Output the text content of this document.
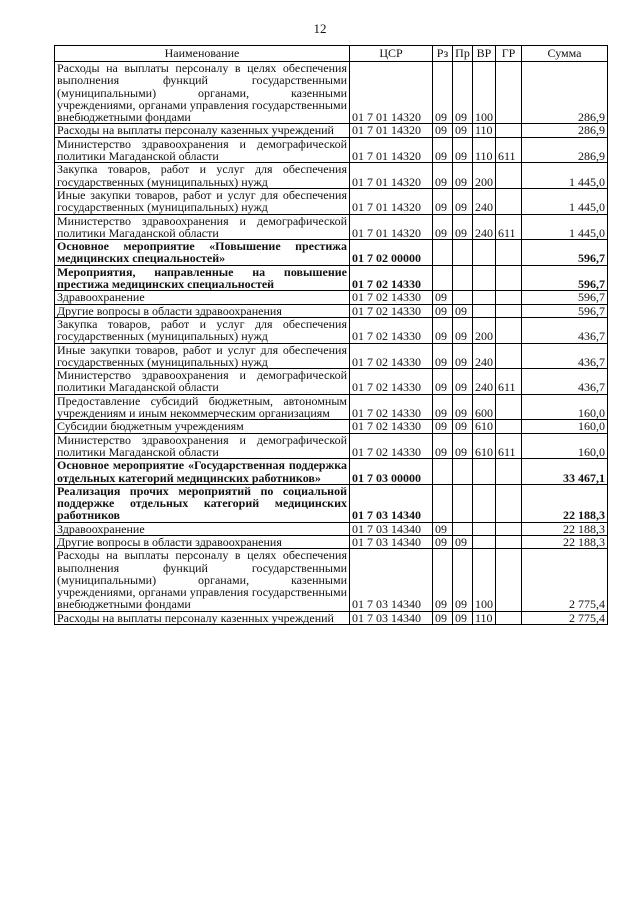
12
Наименование	ЦСР	Рз	Пр	ВР	ГР	Сумма
Расходы на выплаты персоналу в целях обеспечения выполнения функций государственными (муниципальными) органами, казенными учреждениями, органами управления государственными внебюджетными фондами	01 7 01 14320	09	09	100		286,9
Расходы на выплаты персоналу казенных учреждений	01 7 01 14320	09	09	110		286,9
Министерство здравоохранения и демографической политики Магаданской области	01 7 01 14320	09	09	110	611	286,9
Закупка товаров, работ и услуг для обеспечения государственных (муниципальных) нужд	01 7 01 14320	09	09	200		1 445,0
Иные закупки товаров, работ и услуг для обеспечения государственных (муниципальных) нужд	01 7 01 14320	09	09	240		1 445,0
Министерство здравоохранения и демографической политики Магаданской области	01 7 01 14320	09	09	240	611	1 445,0
Основное мероприятие «Повышение престижа медицинских специальностей»	01 7 02 00000					596,7
Мероприятия, направленные на повышение престижа медицинских специальностей	01 7 02 14330					596,7
Здравоохранение	01 7 02 14330	09				596,7
Другие вопросы в области здравоохранения	01 7 02 14330	09	09			596,7
Закупка товаров, работ и услуг для обеспечения государственных (муниципальных) нужд	01 7 02 14330	09	09	200		436,7
Иные закупки товаров, работ и услуг для обеспечения государственных (муниципальных) нужд	01 7 02 14330	09	09	240		436,7
Министерство здравоохранения и демографической политики Магаданской области	01 7 02 14330	09	09	240	611	436,7
Предоставление субсидий бюджетным, автономным учреждениям и иным некоммерческим организациям	01 7 02 14330	09	09	600		160,0
Субсидии бюджетным учреждениям	01 7 02 14330	09	09	610		160,0
Министерство здравоохранения и демографической политики Магаданской области	01 7 02 14330	09	09	610	611	160,0
Основное мероприятие «Государственная поддержка отдельных категорий медицинских работников»	01 7 03 00000					33 467,1
Реализация прочих мероприятий по социальной поддержке отдельных категорий медицинских работников	01 7 03 14340					22 188,3
Здравоохранение	01 7 03 14340	09				22 188,3
Другие вопросы в области здравоохранения	01 7 03 14340	09	09			22 188,3
Расходы на выплаты персоналу в целях обеспечения выполнения функций государственными (муниципальными) органами, казенными учреждениями, органами управления государственными внебюджетными фондами	01 7 03 14340	09	09	100		2 775,4
Расходы на выплаты персоналу казенных учреждений	01 7 03 14340	09	09	110		2 775,4
